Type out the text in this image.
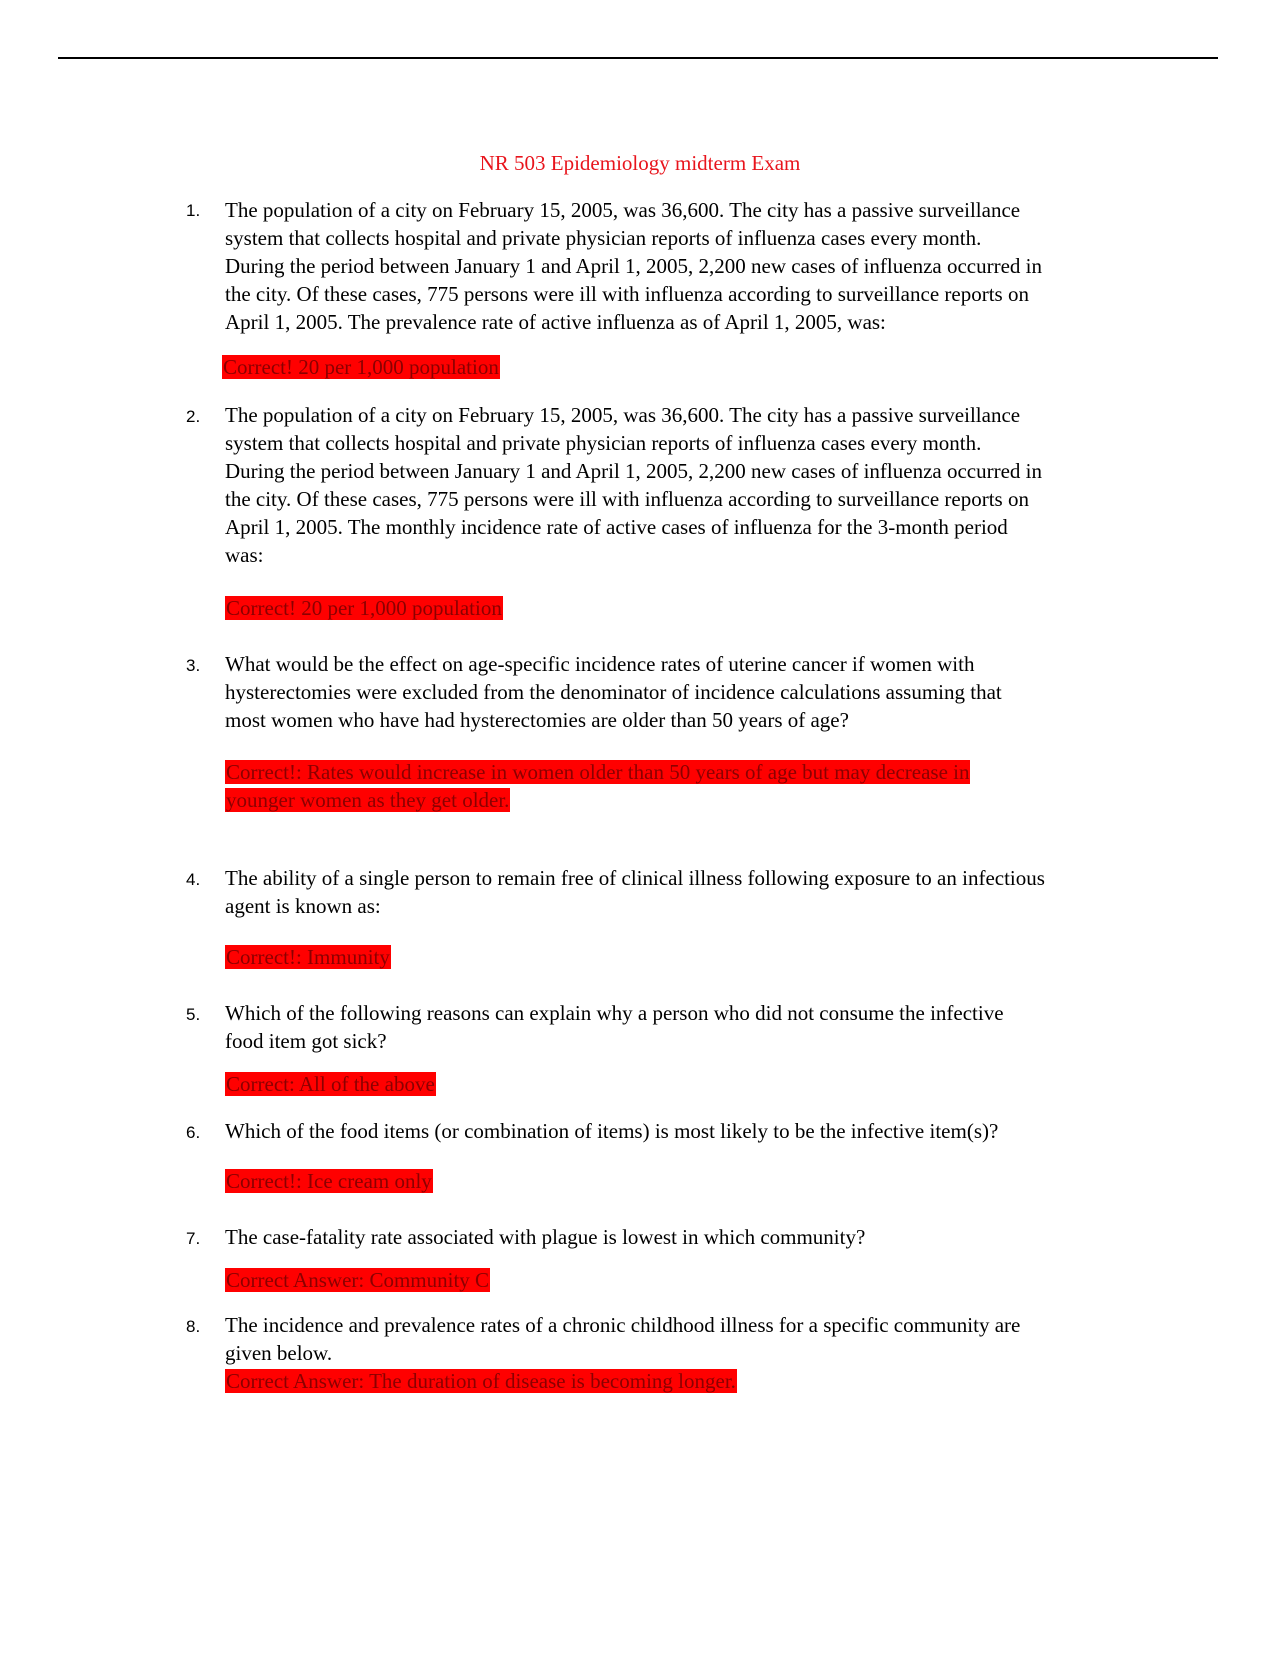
NR 503 Epidemiology midterm Exam
1. The population of a city on February 15, 2005, was 36,600. The city has a passive surveillance
system that collects hospital and private physician reports of influenza cases every month.
During the period between January 1 and April 1, 2005, 2,200 new cases of influenza occurred in
the city. Of these cases, 775 persons were ill with influenza according to surveillance reports on
April 1, 2005. The prevalence rate of active influenza as of April 1, 2005, was:
Correct! 20 per 1,000 population
2. The population of a city on February 15, 2005, was 36,600. The city has a passive surveillance
system that collects hospital and private physician reports of influenza cases every month.
During the period between January 1 and April 1, 2005, 2,200 new cases of influenza occurred in
the city. Of these cases, 775 persons were ill with influenza according to surveillance reports on
April 1, 2005. The monthly incidence rate of active cases of influenza for the 3-month period
was:
Correct! 20 per 1,000 population
3. What would be the effect on age-specific incidence rates of uterine cancer if women with
hysterectomies were excluded from the denominator of incidence calculations assuming that
most women who have had hysterectomies are older than 50 years of age?
Correct!: Rates would increase in women older than 50 years of age but may decrease in
younger women as they get older.
4. The ability of a single person to remain free of clinical illness following exposure to an infectious
agent is known as:
Correct!: Immunity
5. Which of the following reasons can explain why a person who did not consume the infective
food item got sick?
Correct: All of the above
6. Which of the food items (or combination of items) is most likely to be the infective item(s)?
Correct!: Ice cream only
7. The case-fatality rate associated with plague is lowest in which community?
Correct Answer: Community C
8. The incidence and prevalence rates of a chronic childhood illness for a specific community are
given below.
Correct Answer: The duration of disease is becoming longer.
